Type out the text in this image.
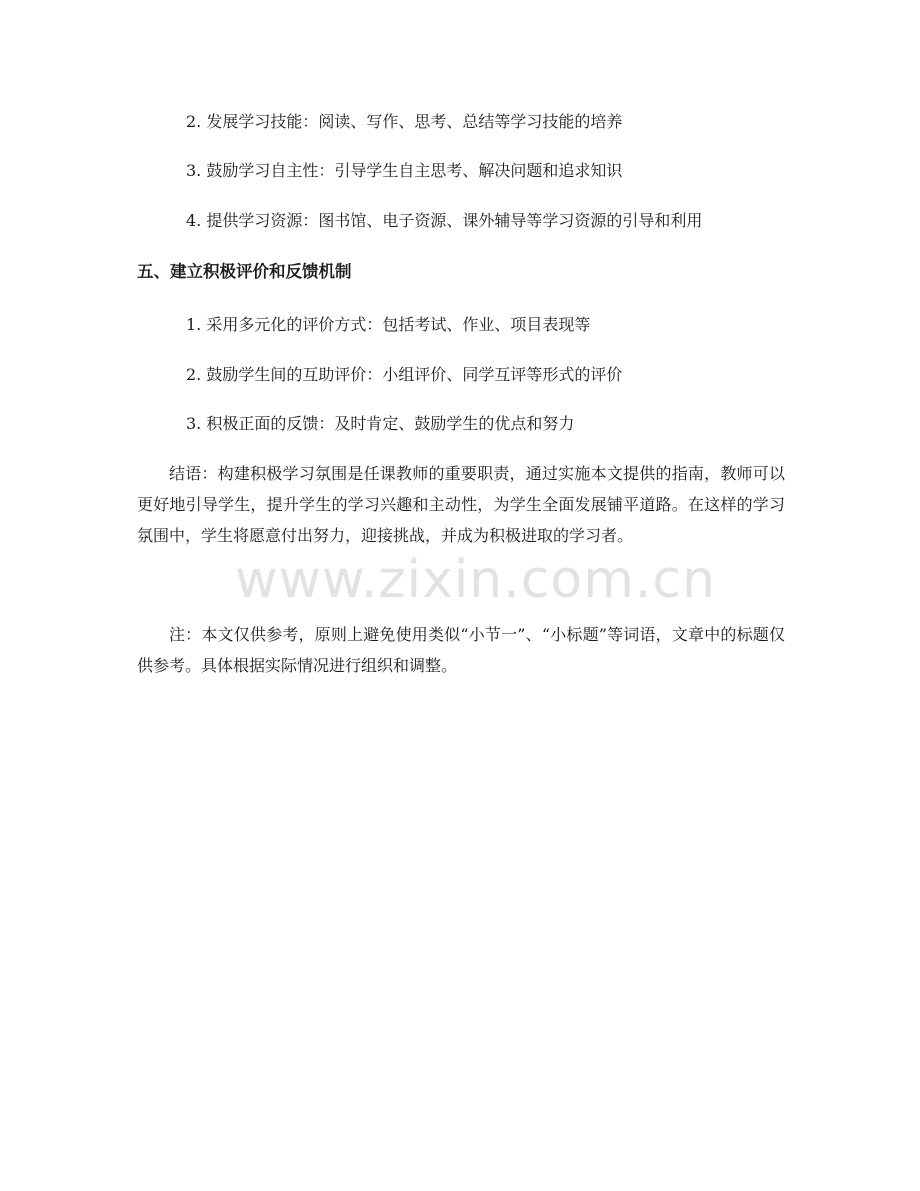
2. 发展学习技能：阅读、写作、思考、总结等学习技能的培养
3. 鼓励学习自主性：引导学生自主思考、解决问题和追求知识
4. 提供学习资源：图书馆、电子资源、课外辅导等学习资源的引导和利用
五、建立积极评价和反馈机制
1. 采用多元化的评价方式：包括考试、作业、项目表现等
2. 鼓励学生间的互助评价：小组评价、同学互评等形式的评价
3. 积极正面的反馈：及时肯定、鼓励学生的优点和努力

结语：构建积极学习氛围是任课教师的重要职责，通过实施本文提供的指南，教师可以更好地引导学生，提升学生的学习兴趣和主动性，为学生全面发展铺平道路。在这样的学习氛围中，学生将愿意付出努力，迎接挑战，并成为积极进取的学习者。

注：本文仅供参考，原则上避免使用类似“小节一”、“小标题”等词语，文章中的标题仅供参考。具体根据实际情况进行组织和调整。

www.zixin.com.cn
